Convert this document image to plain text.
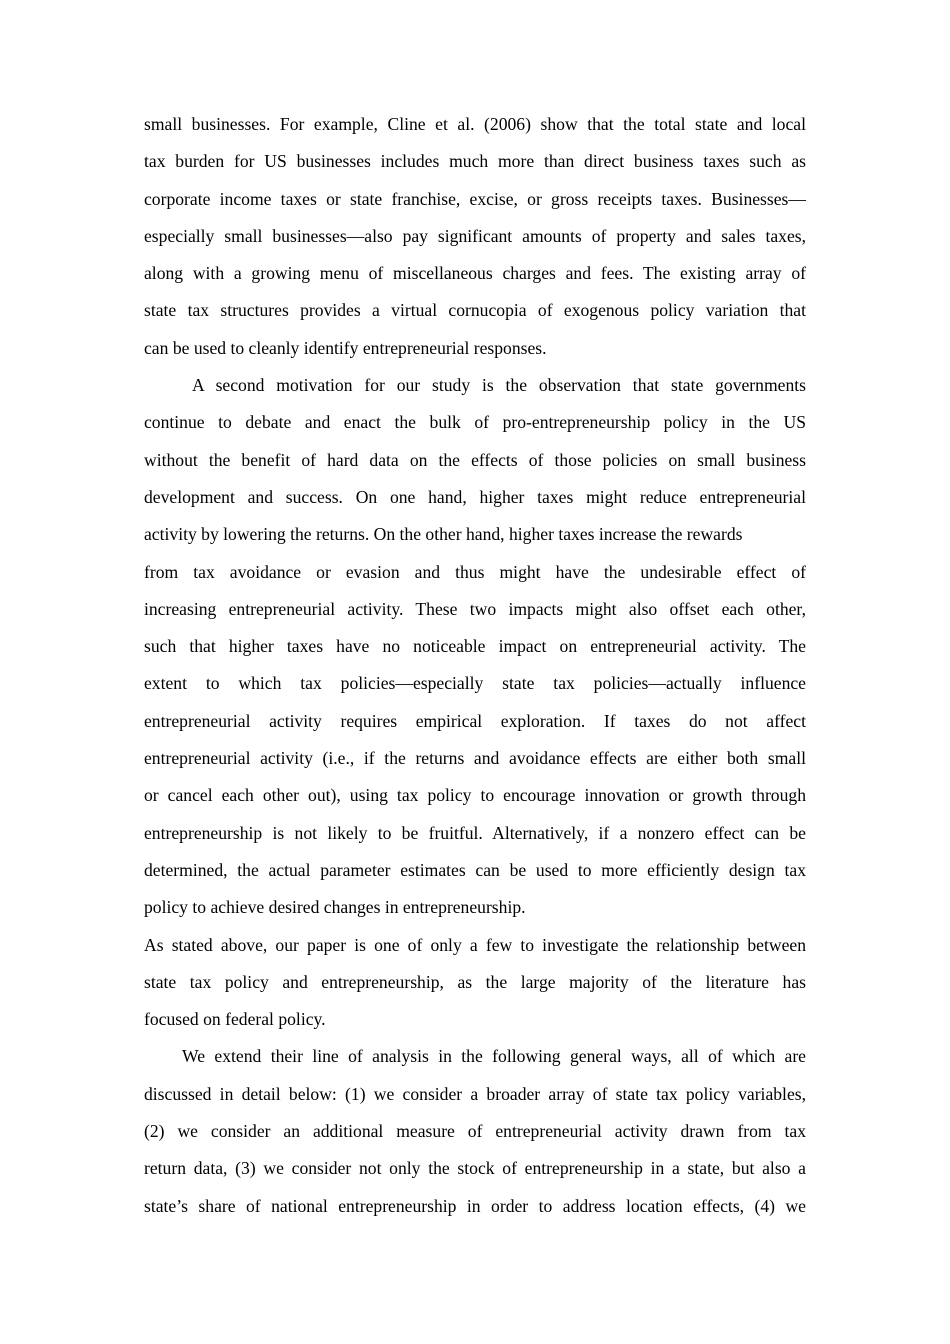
small businesses. For example, Cline et al. (2006) show that the total state and local
tax burden for US businesses includes much more than direct business taxes such as
corporate income taxes or state franchise, excise, or gross receipts taxes. Businesses—
especially small businesses—also pay significant amounts of property and sales taxes,
along with a growing menu of miscellaneous charges and fees. The existing array of
state tax structures provides a virtual cornucopia of exogenous policy variation that
can be used to cleanly identify entrepreneurial responses.
A second motivation for our study is the observation that state governments
continue to debate and enact the bulk of pro-entrepreneurship policy in the US
without the benefit of hard data on the effects of those policies on small business
development and success. On one hand, higher taxes might reduce entrepreneurial
activity by lowering the returns. On the other hand, higher taxes increase the rewards
from tax avoidance or evasion and thus might have the undesirable effect of
increasing entrepreneurial activity. These two impacts might also offset each other,
such that higher taxes have no noticeable impact on entrepreneurial activity. The
extent to which tax policies—especially state tax policies—actually influence
entrepreneurial activity requires empirical exploration. If taxes do not affect
entrepreneurial activity (i.e., if the returns and avoidance effects are either both small
or cancel each other out), using tax policy to encourage innovation or growth through
entrepreneurship is not likely to be fruitful. Alternatively, if a nonzero effect can be
determined, the actual parameter estimates can be used to more efficiently design tax
policy to achieve desired changes in entrepreneurship.
As stated above, our paper is one of only a few to investigate the relationship between
state tax policy and entrepreneurship, as the large majority of the literature has
focused on federal policy.
We extend their line of analysis in the following general ways, all of which are
discussed in detail below: (1) we consider a broader array of state tax policy variables,
(2) we consider an additional measure of entrepreneurial activity drawn from tax
return data, (3) we consider not only the stock of entrepreneurship in a state, but also a
state’s share of national entrepreneurship in order to address location effects, (4) we
